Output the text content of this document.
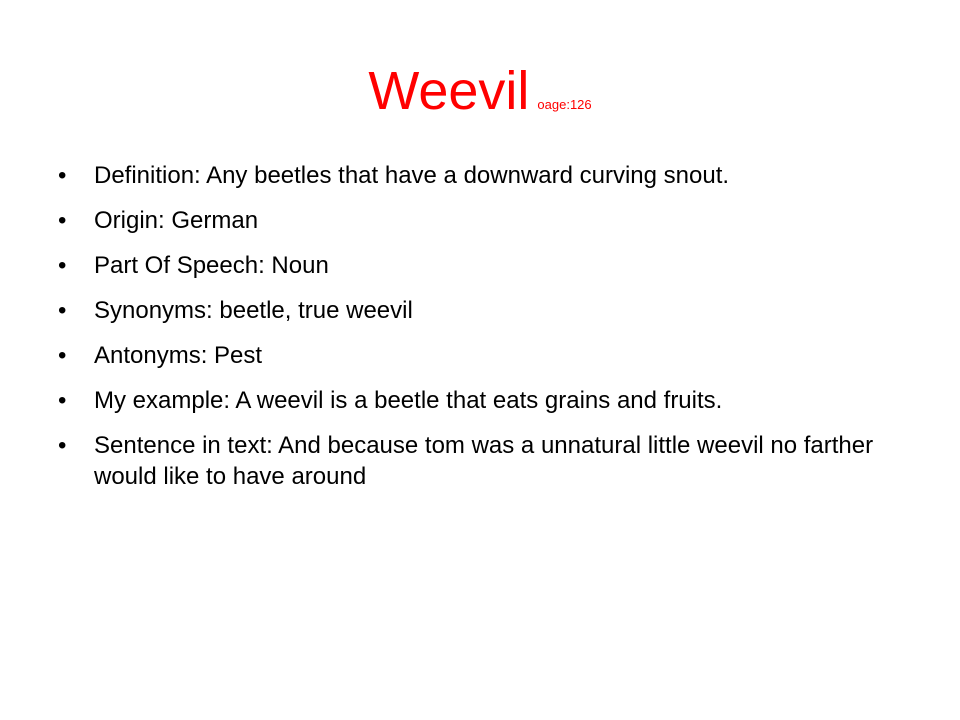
Weevil oage:126
• Definition: Any beetles that have a downward curving snout.
• Origin: German
• Part Of Speech: Noun
• Synonyms: beetle, true weevil
• Antonyms: Pest
• My example: A weevil is a beetle that eats grains and fruits.
• Sentence in text: And because tom was a unnatural little weevil no farther would like to have around
